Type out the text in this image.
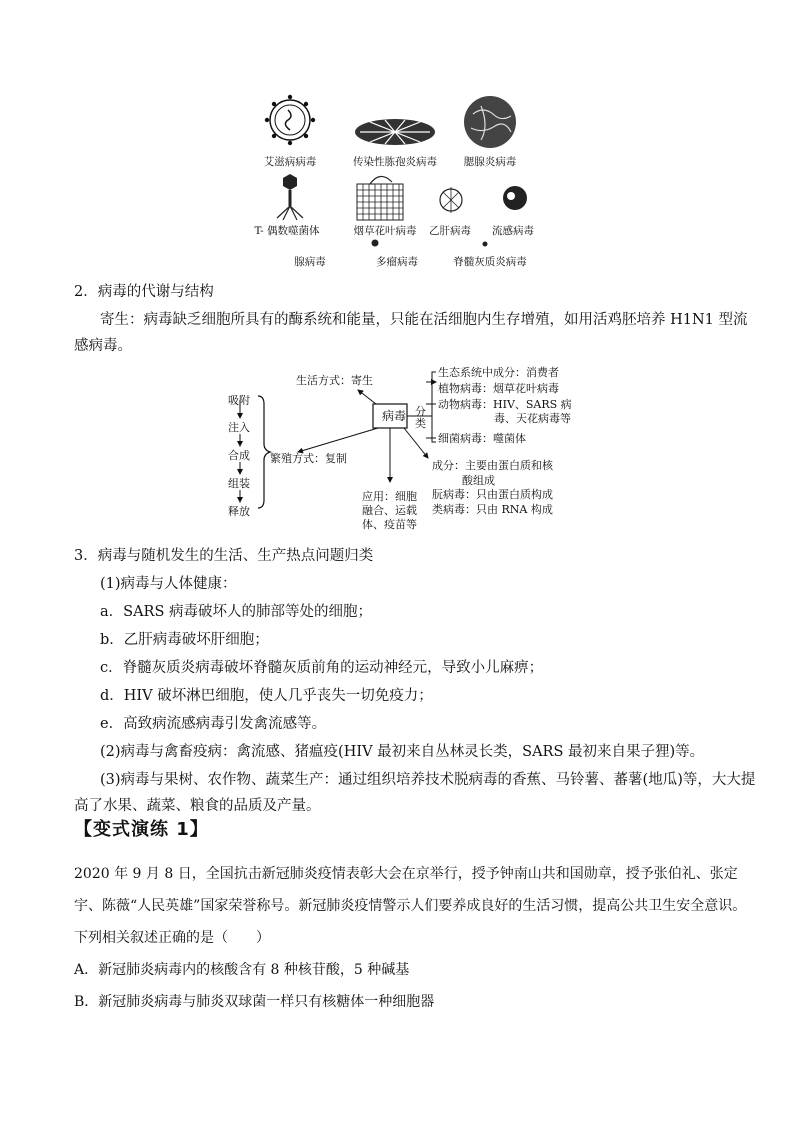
艾滋病病毒	传染性胨孢炎病毒	腮腺炎病毒
T- 偶数噬菌体	烟草花叶病毒 乙肝病毒 流感病毒
腺病毒	多瘤病毒	脊髓灰质炎病毒
2．病毒的代谢与结构
寄生：病毒缺乏细胞所具有的酶系统和能量，只能在活细胞内生存增殖，如用活鸡胚培养 H1N1 型流
感病毒。
病毒
生活方式：寄生
繁殖方式：复制
吸附
注入
合成
组装
释放
分类
生态系统中成分：消费者
植物病毒：烟草花叶病毒
动物病毒：HIV、SARS 病
毒、天花病毒等
细菌病毒：噬菌体
成分：主要由蛋白质和核
酸组成
朊病毒：只由蛋白质构成
类病毒：只由 RNA 构成
应用：细胞
融合、运载
体、疫苗等
3．病毒与随机发生的生活、生产热点问题归类
(1)病毒与人体健康：
a．SARS 病毒破坏人的肺部等处的细胞；
b．乙肝病毒破坏肝细胞；
c．脊髓灰质炎病毒破坏脊髓灰质前角的运动神经元，导致小儿麻痹；
d．HIV 破坏淋巴细胞，使人几乎丧失一切免疫力；
e．高致病流感病毒引发禽流感等。
(2)病毒与禽畜疫病：禽流感、猪瘟疫(HIV 最初来自丛林灵长类，SARS 最初来自果子狸)等。
(3)病毒与果树、农作物、蔬菜生产：通过组织培养技术脱病毒的香蕉、马铃薯、蕃薯(地瓜)等，大大提
高了水果、蔬菜、粮食的品质及产量。
【变式演练 1】
2020 年 9 月 8 日，全国抗击新冠肺炎疫情表彰大会在京举行，授予钟南山共和国勋章，授予张伯礼、张定
宇、陈薇“人民英雄”国家荣誉称号。新冠肺炎疫情警示人们要养成良好的生活习惯，提高公共卫生安全意识。
下列相关叙述正确的是（　　）
A．新冠肺炎病毒内的核酸含有 8 种核苷酸，5 种碱基
B．新冠肺炎病毒与肺炎双球菌一样只有核糖体一种细胞器
